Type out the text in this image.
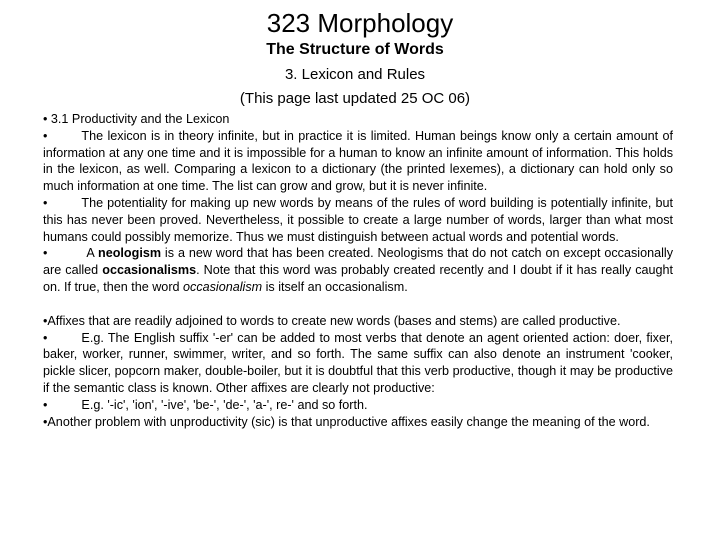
323 Morphology
The Structure of Words
3. Lexicon and Rules
(This page last updated 25 OC 06)

• 3.1 Productivity and the Lexicon

•	The lexicon is in theory infinite, but in practice it is limited. Human beings know only a certain amount of information at any one time and it is impossible for a human to know an infinite amount of information. This holds in the lexicon, as well. Comparing a lexicon to a dictionary (the printed lexemes), a dictionary can hold only so much information at one time. The list can grow and grow, but it is never infinite.

•	The potentiality for making up new words by means of the rules of word building is potentially infinite, but this has never been proved. Nevertheless, it possible to create a large number of words, larger than what most humans could possibly memorize. Thus we must distinguish between actual words and potential words.

•	A neologism is a new word that has been created. Neologisms that do not catch on except occasionally are called occasionalisms. Note that this word was probably created recently and I doubt if it has really caught on. If true, then the word occasionalism is itself an occasionalism.

•Affixes that are readily adjoined to words to create new words (bases and stems) are called productive.

•	E.g. The English suffix '-er' can be added to most verbs that denote an agent oriented action: doer, fixer, baker, worker, runner, swimmer, writer, and so forth. The same suffix can also denote an instrument 'cooker, pickle slicer, popcorn maker, double-boiler, but it is doubtful that this verb productive, though it may be productive if the semantic class is known. Other affixes are clearly not productive:

•	E.g. '-ic', 'ion', '-ive', 'be-', 'de-', 'a-', re-' and so forth.

•Another problem with unproductivity (sic) is that unproductive affixes easily change the meaning of the word.
